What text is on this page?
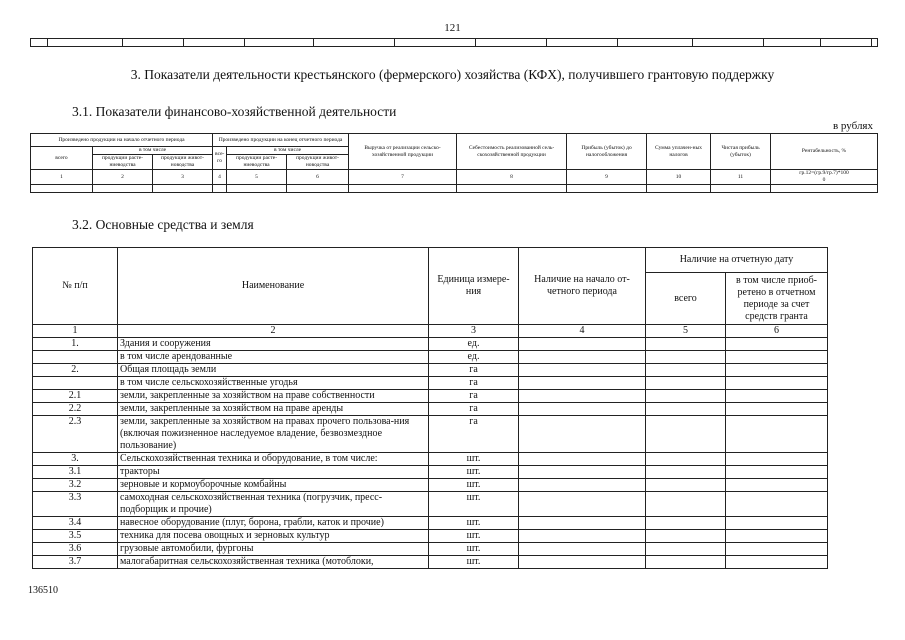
121

3. Показатели деятельности крестьянского (фермерского) хозяйства (КФХ), получившего грантовую поддержку
3.1. Показатели финансово-хозяйственной деятельности
в рублях
Произведено продукции на начало отчетного периода			Произведено продукции на конец отчетного периода			Выручка от реализации сельско-хозяйственной продукции	Себестоимость реализованной сель-скохозяйственной продукции	Прибыль (убыток) до налогообложения	Сумма уплачен-ных налогов	Чистая прибыль (убыток)	Рентабельность, %
всего	в том числе		все-го	в том числе							
	продукции расте-ниеводства	продукции живот-новодства		продукции расте-ниеводства	продукции живот-новодства						
1	2	3	4	5	6	7	8	9	10	11	гр.12=(гр.9/гр.7)*100
0

3.2. Основные средства и земля
№ п/п	Наименование	Единица измере-ния	Наличие на начало от-четного периода	Наличие на отчетную дату	
				всего	в том числе приоб-ретено в отчетном периоде за счет средств гранта
1	2	3	4	5	6
1.	Здания и сооружения	ед.			
	в том числе арендованные	ед.			
2.	Общая площадь земли	га			
	в том числе сельскохозяйственные угодья	га			
2.1	земли, закрепленные за хозяйством на праве собственности	га			
2.2	земли, закрепленные за хозяйством на праве аренды	га			
2.3	земли, закрепленные за хозяйством на правах прочего пользова-ния (включая пожизненное наследуемое владение, безвозмездное пользование)	га			
3.	Сельскохозяйственная техника и оборудование, в том числе:	шт.			
3.1	тракторы	шт.			
3.2	зерновые и кормоуборочные комбайны	шт.			
3.3	самоходная сельскохозяйственная техника (погрузчик, пресс-подборщик и прочие)	шт.			
3.4	навесное оборудование (плуг, борона, грабли, каток и прочие)	шт.			
3.5	техника для посева овощных и зерновых культур	шт.			
3.6	грузовые автомобили, фургоны	шт.			
3.7	малогабаритная сельскохозяйственная техника (мотоблоки,	шт.			
136510
